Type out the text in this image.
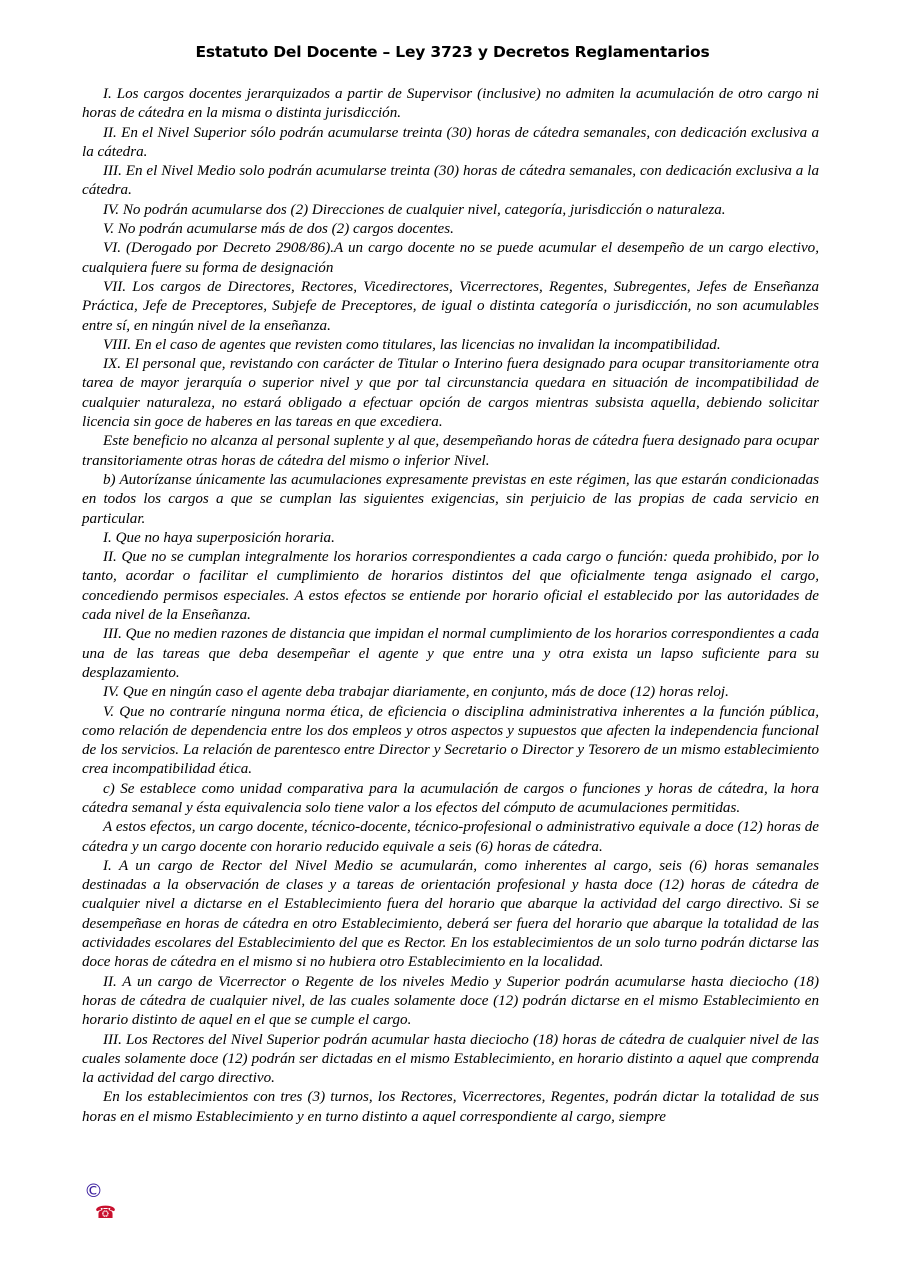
Estatuto Del Docente – Ley 3723 y Decretos Reglamentarios

I. Los cargos docentes jerarquizados a partir de Supervisor (inclusive) no admiten la acumulación de otro cargo ni horas de cátedra en la misma o distinta jurisdicción.

II. En el Nivel Superior sólo podrán acumularse treinta (30) horas de cátedra semanales, con dedicación exclusiva a la cátedra.

III. En el Nivel Medio solo podrán acumularse treinta (30) horas de cátedra semanales, con dedicación exclusiva a la cátedra.

IV. No podrán acumularse dos (2) Direcciones de cualquier nivel, categoría, jurisdicción o naturaleza.

V. No podrán acumularse más de dos (2) cargos docentes.

VI. (Derogado por Decreto 2908/86).A un cargo docente no se puede acumular el desempeño de un cargo electivo, cualquiera fuere su forma de designación

VII. Los cargos de Directores, Rectores, Vicedirectores, Vicerrectores, Regentes, Subregentes, Jefes de Enseñanza Práctica, Jefe de Preceptores, Subjefe de Preceptores, de igual o distinta categoría o jurisdicción, no son acumulables entre sí, en ningún nivel de la enseñanza.

VIII. En el caso de agentes que revisten como titulares, las licencias no invalidan la incompatibilidad.

IX. El personal que, revistando con carácter de Titular o Interino fuera designado para ocupar transitoriamente otra tarea de mayor jerarquía o superior nivel y que por tal circunstancia quedara en situación de incompatibilidad de cualquier naturaleza, no estará obligado a efectuar opción de cargos mientras subsista aquella, debiendo solicitar licencia sin goce de haberes en las tareas en que excediera.

Este beneficio no alcanza al personal suplente y al que, desempeñando horas de cátedra fuera designado para ocupar transitoriamente otras horas de cátedra del mismo o inferior Nivel.

b) Autorízanse únicamente las acumulaciones expresamente previstas en este régimen, las que estarán condicionadas en todos los cargos a que se cumplan las siguientes exigencias, sin perjuicio de las propias de cada servicio en particular.

I. Que no haya superposición horaria.

II. Que no se cumplan integralmente los horarios correspondientes a cada cargo o función: queda prohibido, por lo tanto, acordar o facilitar el cumplimiento de horarios distintos del que oficialmente tenga asignado el cargo, concediendo permisos especiales. A estos efectos se entiende por horario oficial el establecido por las autoridades de cada nivel de la Enseñanza.

III. Que no medien razones de distancia que impidan el normal cumplimiento de los horarios correspondientes a cada una de las tareas que deba desempeñar el agente y que entre una y otra exista un lapso suficiente para su desplazamiento.

IV. Que en ningún caso el agente deba trabajar diariamente, en conjunto, más de doce (12) horas reloj.

V. Que no contraríe ninguna norma ética, de eficiencia o disciplina administrativa inherentes a la función pública, como relación de dependencia entre los dos empleos y otros aspectos y supuestos que afecten la independencia funcional de los servicios. La relación de parentesco entre Director y Secretario o Director y Tesorero de un mismo establecimiento crea incompatibilidad ética.

c) Se establece como unidad comparativa para la acumulación de cargos o funciones y horas de cátedra, la hora cátedra semanal y ésta equivalencia solo tiene valor a los efectos del cómputo de acumulaciones permitidas.

A estos efectos, un cargo docente, técnico-docente, técnico-profesional o administrativo equivale a doce (12) horas de cátedra y un cargo docente con horario reducido equivale a seis (6) horas de cátedra.

I. A un cargo de Rector del Nivel Medio se acumularán, como inherentes al cargo, seis (6) horas semanales destinadas a la observación de clases y a tareas de orientación profesional y hasta doce (12) horas de cátedra de cualquier nivel a dictarse en el Establecimiento fuera del horario que abarque la actividad del cargo directivo. Si se desempeñase en horas de cátedra en otro Establecimiento, deberá ser fuera del horario que abarque la totalidad de las actividades escolares del Establecimiento del que es Rector. En los establecimientos de un solo turno podrán dictarse las doce horas de cátedra en el mismo si no hubiera otro Establecimiento en la localidad.

II. A un cargo de Vicerrector o Regente de los niveles Medio y Superior podrán acumularse hasta dieciocho (18) horas de cátedra de cualquier nivel, de las cuales solamente doce (12) podrán dictarse en el mismo Establecimiento en horario distinto de aquel en el que se cumple el cargo.

III. Los Rectores del Nivel Superior podrán acumular hasta dieciocho (18) horas de cátedra de cualquier nivel de las cuales solamente doce (12) podrán ser dictadas en el mismo Establecimiento, en horario distinto a aquel que comprenda la actividad del cargo directivo.

En los establecimientos con tres (3) turnos, los Rectores, Vicerrectores, Regentes, podrán dictar la totalidad de sus horas en el mismo Establecimiento y en turno distinto a aquel correspondiente al cargo, siempre

©
☎
